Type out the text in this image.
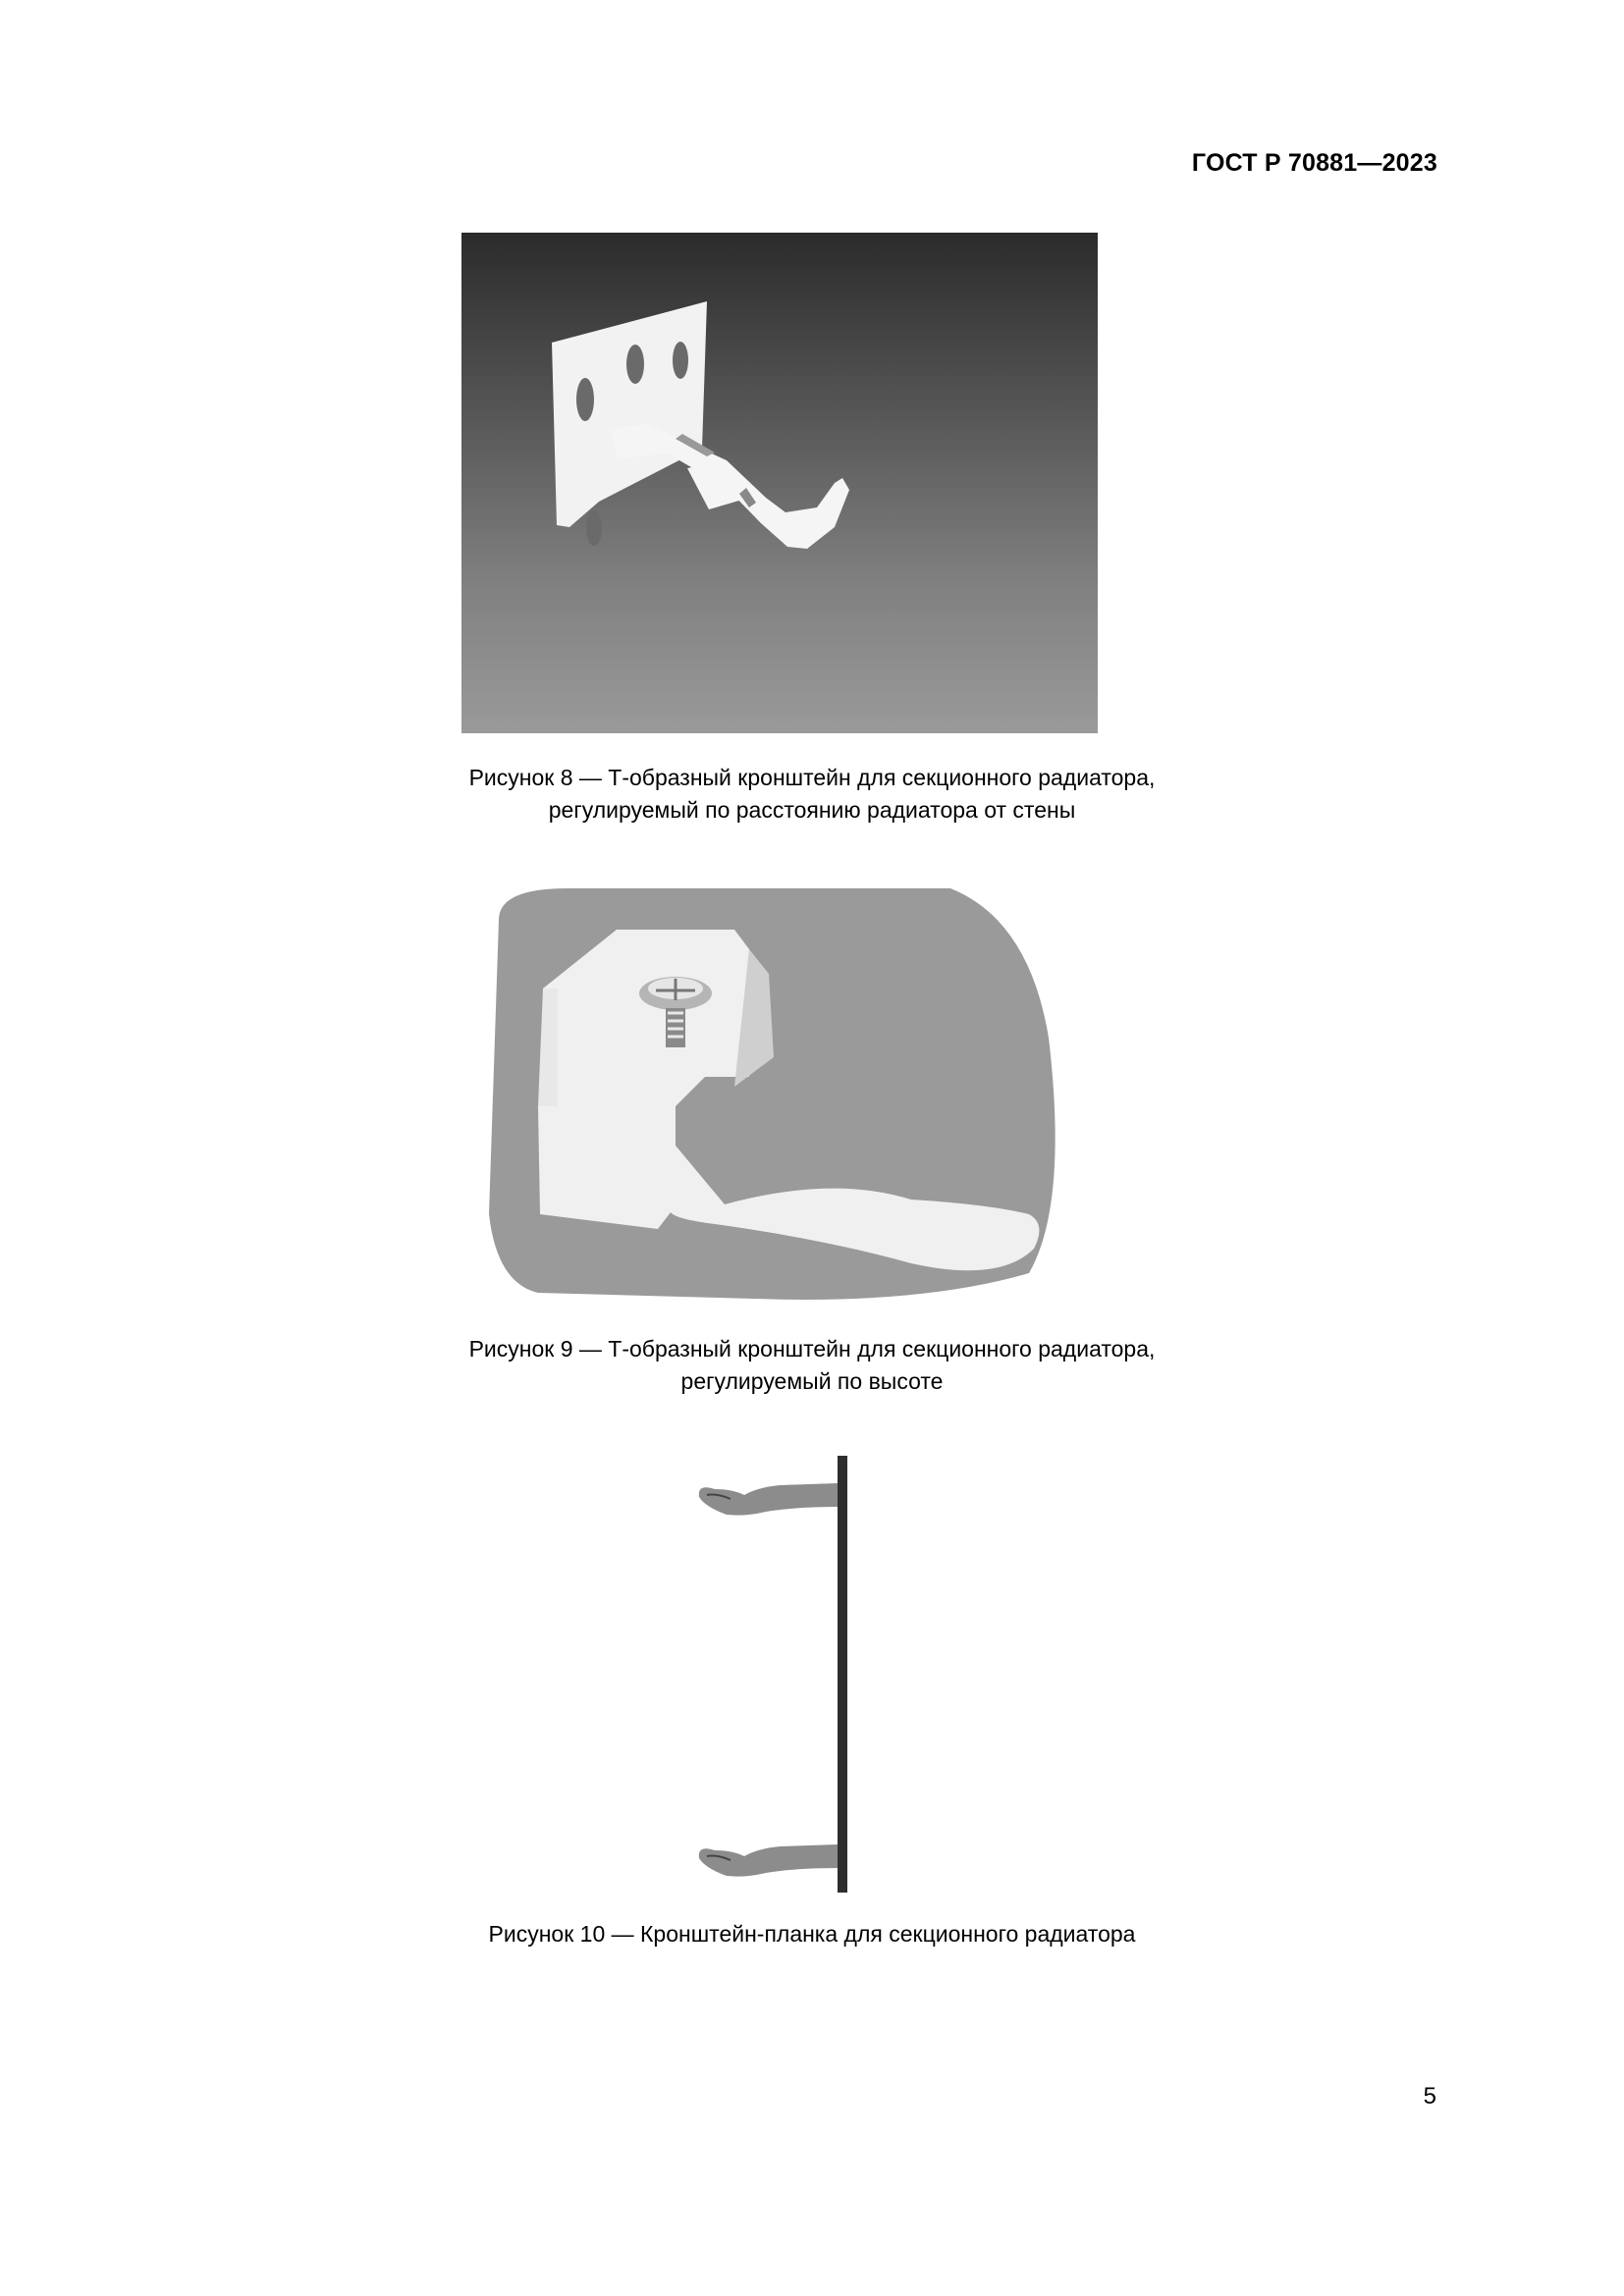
ГОСТ Р 70881—2023
Рисунок 8 — Т-образный кронштейн для секционного радиатора,
регулируемый по расстоянию радиатора от стены
Рисунок 9 — Т-образный кронштейн для секционного радиатора,
регулируемый по высоте
Рисунок 10 — Кронштейн-планка для секционного радиатора
5
